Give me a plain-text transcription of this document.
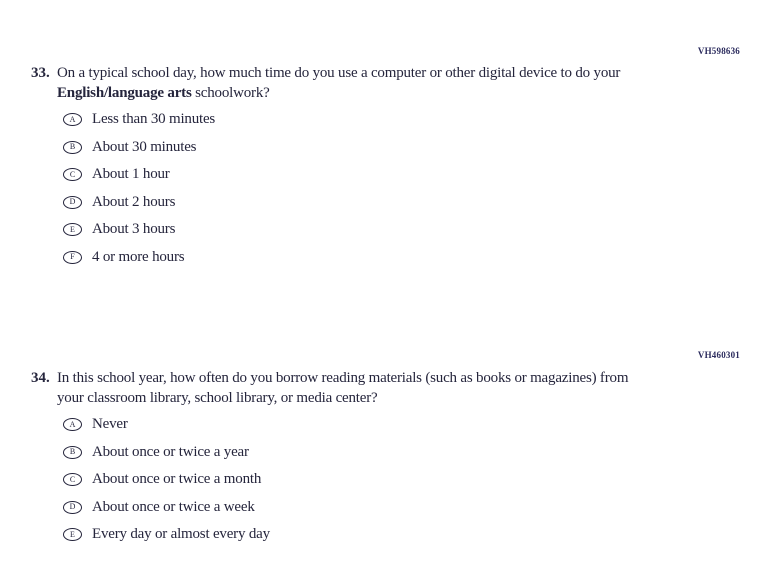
VH598636
33. On a typical school day, how much time do you use a computer or other digital device to do your English/language arts schoolwork?
A Less than 30 minutes
B About 30 minutes
C About 1 hour
D About 2 hours
E About 3 hours
F 4 or more hours
VH460301
34. In this school year, how often do you borrow reading materials (such as books or magazines) from your classroom library, school library, or media center?
A Never
B About once or twice a year
C About once or twice a month
D About once or twice a week
E Every day or almost every day
